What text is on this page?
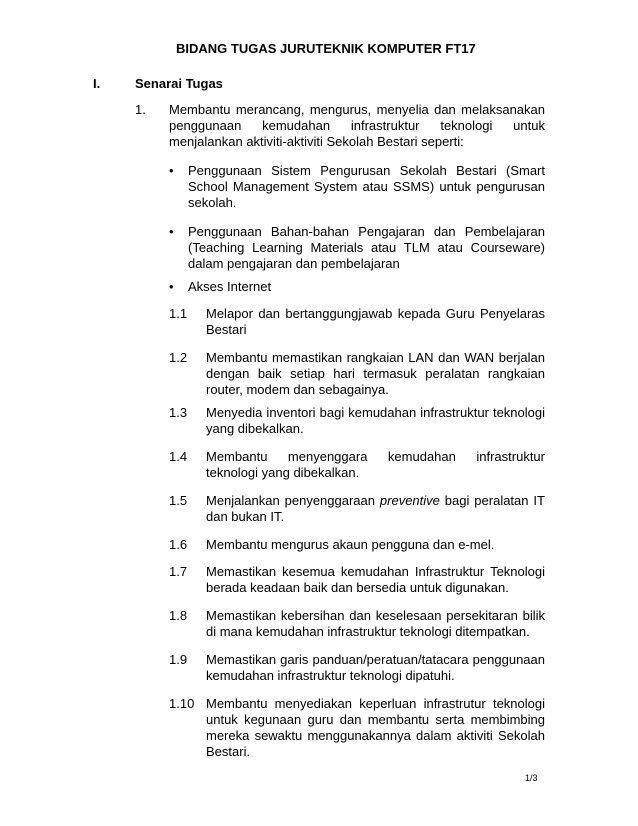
BIDANG TUGAS JURUTEKNIK KOMPUTER FT17
I.	Senarai Tugas
1. Membantu merancang, mengurus, menyelia dan melaksanakan penggunaan kemudahan infrastruktur teknologi untuk menjalankan aktiviti-aktiviti Sekolah Bestari seperti:
• Penggunaan Sistem Pengurusan Sekolah Bestari (Smart School Management System atau SSMS) untuk pengurusan sekolah.
• Penggunaan Bahan-bahan Pengajaran dan Pembelajaran (Teaching Learning Materials atau TLM atau Courseware) dalam pengajaran dan pembelajaran
• Akses Internet
1.1 Melapor dan bertanggungjawab kepada Guru Penyelaras Bestari
1.2 Membantu memastikan rangkaian LAN dan WAN berjalan dengan baik setiap hari termasuk peralatan rangkaian router, modem dan sebagainya.
1.3 Menyedia inventori bagi kemudahan infrastruktur teknologi yang dibekalkan.
1.4 Membantu menyenggara kemudahan infrastruktur teknologi yang dibekalkan.
1.5 Menjalankan penyenggaraan preventive bagi peralatan IT dan bukan IT.
1.6 Membantu mengurus akaun pengguna dan e-mel.
1.7 Memastikan kesemua kemudahan Infrastruktur Teknologi berada keadaan baik dan bersedia untuk digunakan.
1.8 Memastikan kebersihan dan keselesaan persekitaran bilik di mana kemudahan infrastruktur teknologi ditempatkan.
1.9 Memastikan garis panduan/peratuan/tatacara penggunaan kemudahan infrastruktur teknologi dipatuhi.
1.10 Membantu menyediakan keperluan infrastrutur teknologi untuk kegunaan guru dan membantu serta membimbing mereka sewaktu menggunakannya dalam aktiviti Sekolah Bestari.
1/3
